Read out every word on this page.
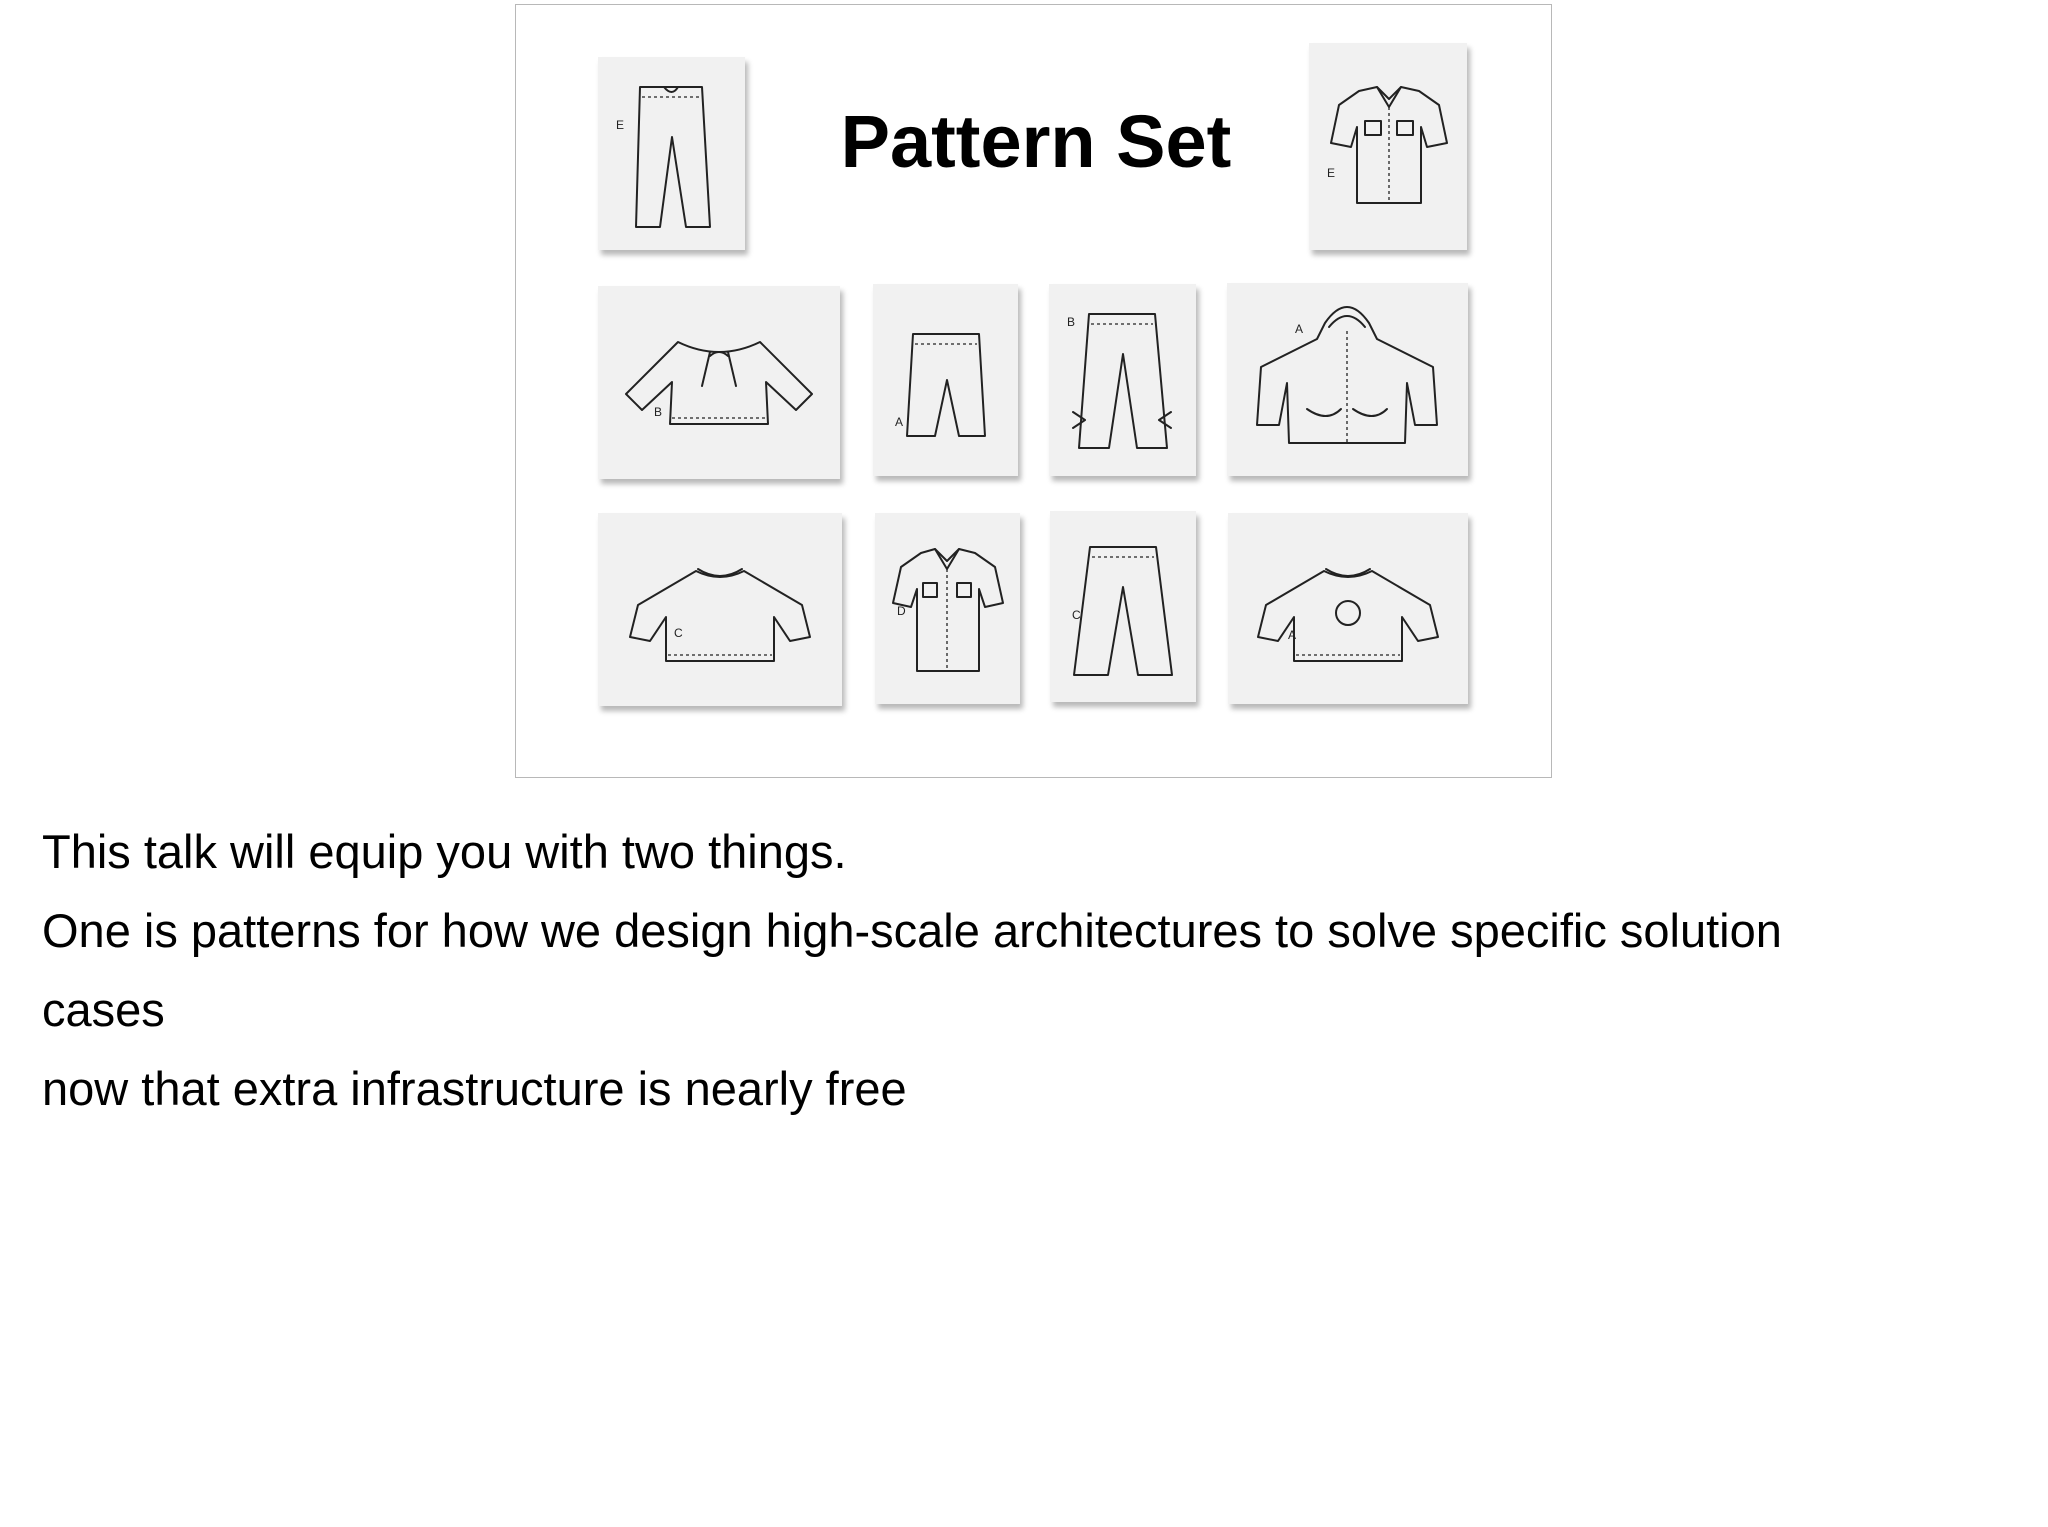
Pattern Set
E
E
B
A
B	A
C
D	C
A

This talk will equip you with two things.

One is patterns for how we design high-scale architectures to solve specific solution

cases

now that extra infrastructure is nearly free
